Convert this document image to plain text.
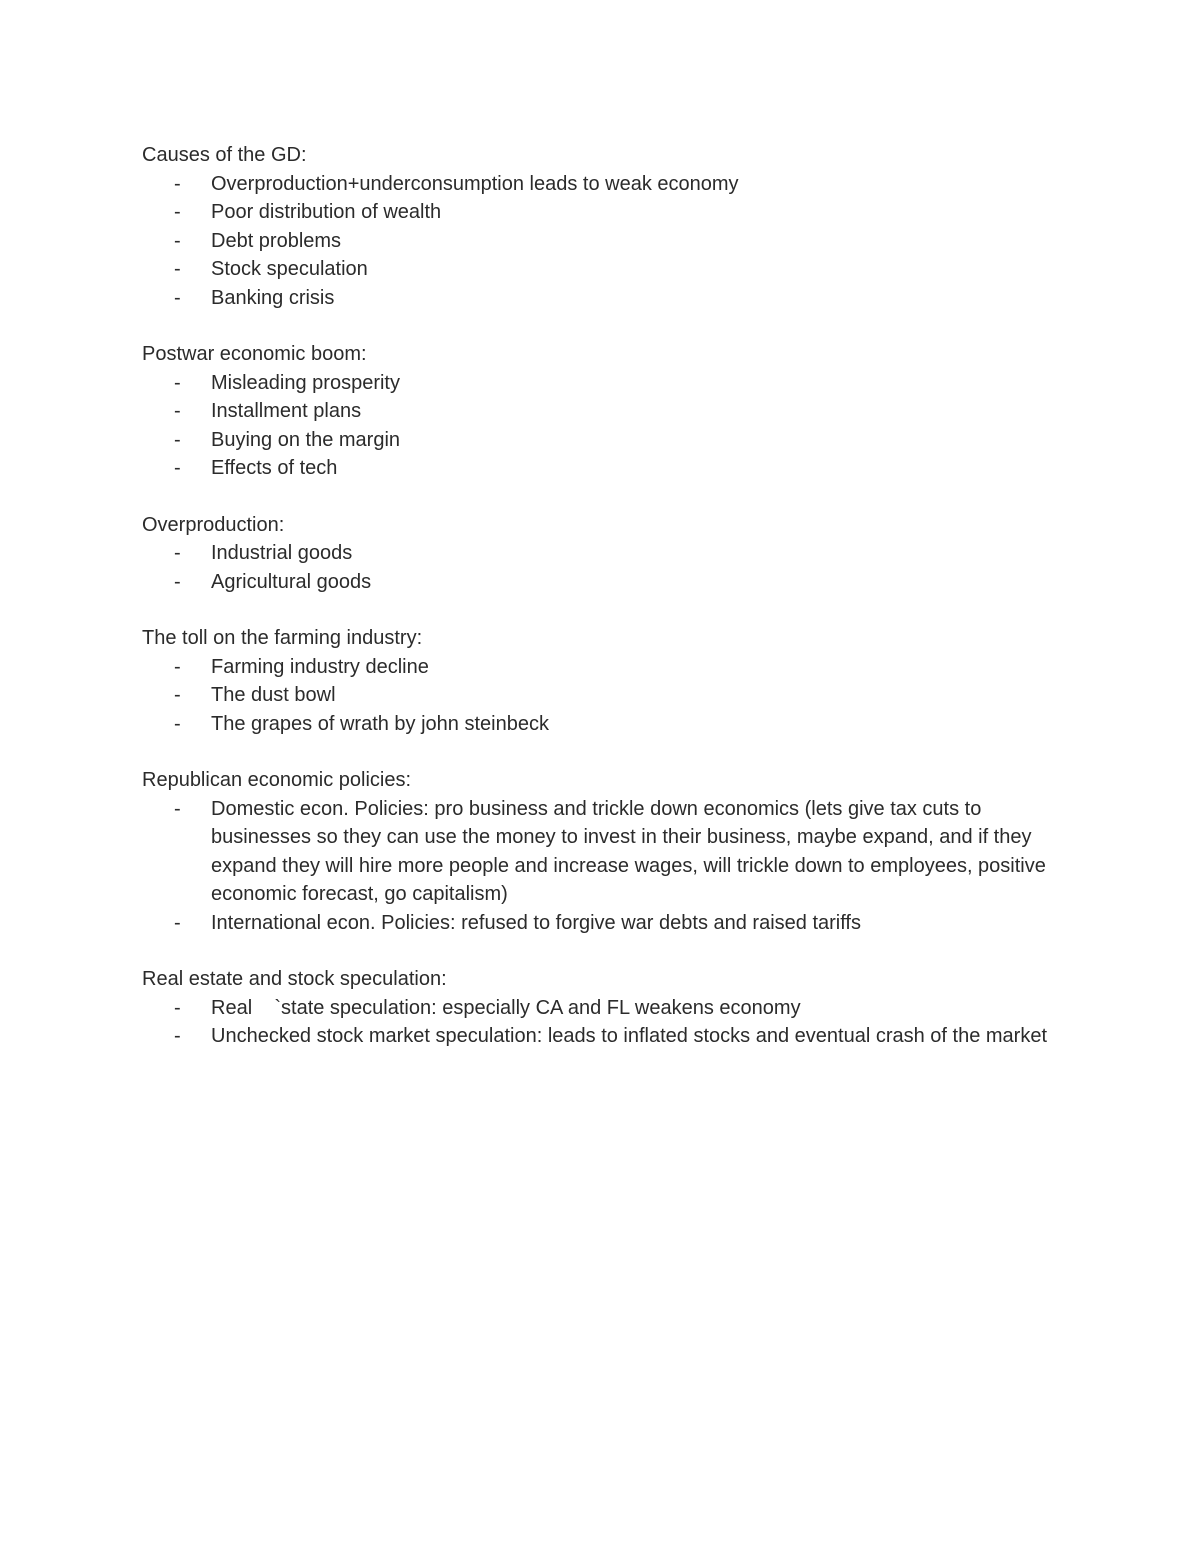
Causes of the GD:

- Overproduction+underconsumption leads to weak economy
- Poor distribution of wealth
- Debt problems
- Stock speculation
- Banking crisis

Postwar economic boom:

- Misleading prosperity
- Installment plans
- Buying on the margin
- Effects of tech

Overproduction:

- Industrial goods
- Agricultural goods

The toll on the farming industry:

- Farming industry decline
- The dust bowl
- The grapes of wrath by john steinbeck

Republican economic policies:

- Domestic econ. Policies: pro business and trickle down economics (lets give tax cuts to businesses so they can use the money to invest in their business, maybe expand, and if they expand they will hire more people and increase wages, will trickle down to employees, positive economic forecast, go capitalism)
- International econ. Policies: refused to forgive war debts and raised tariffs

Real estate and stock speculation:

- Real    `state speculation: especially CA and FL weakens economy
- Unchecked stock market speculation: leads to inflated stocks and eventual crash of the market
